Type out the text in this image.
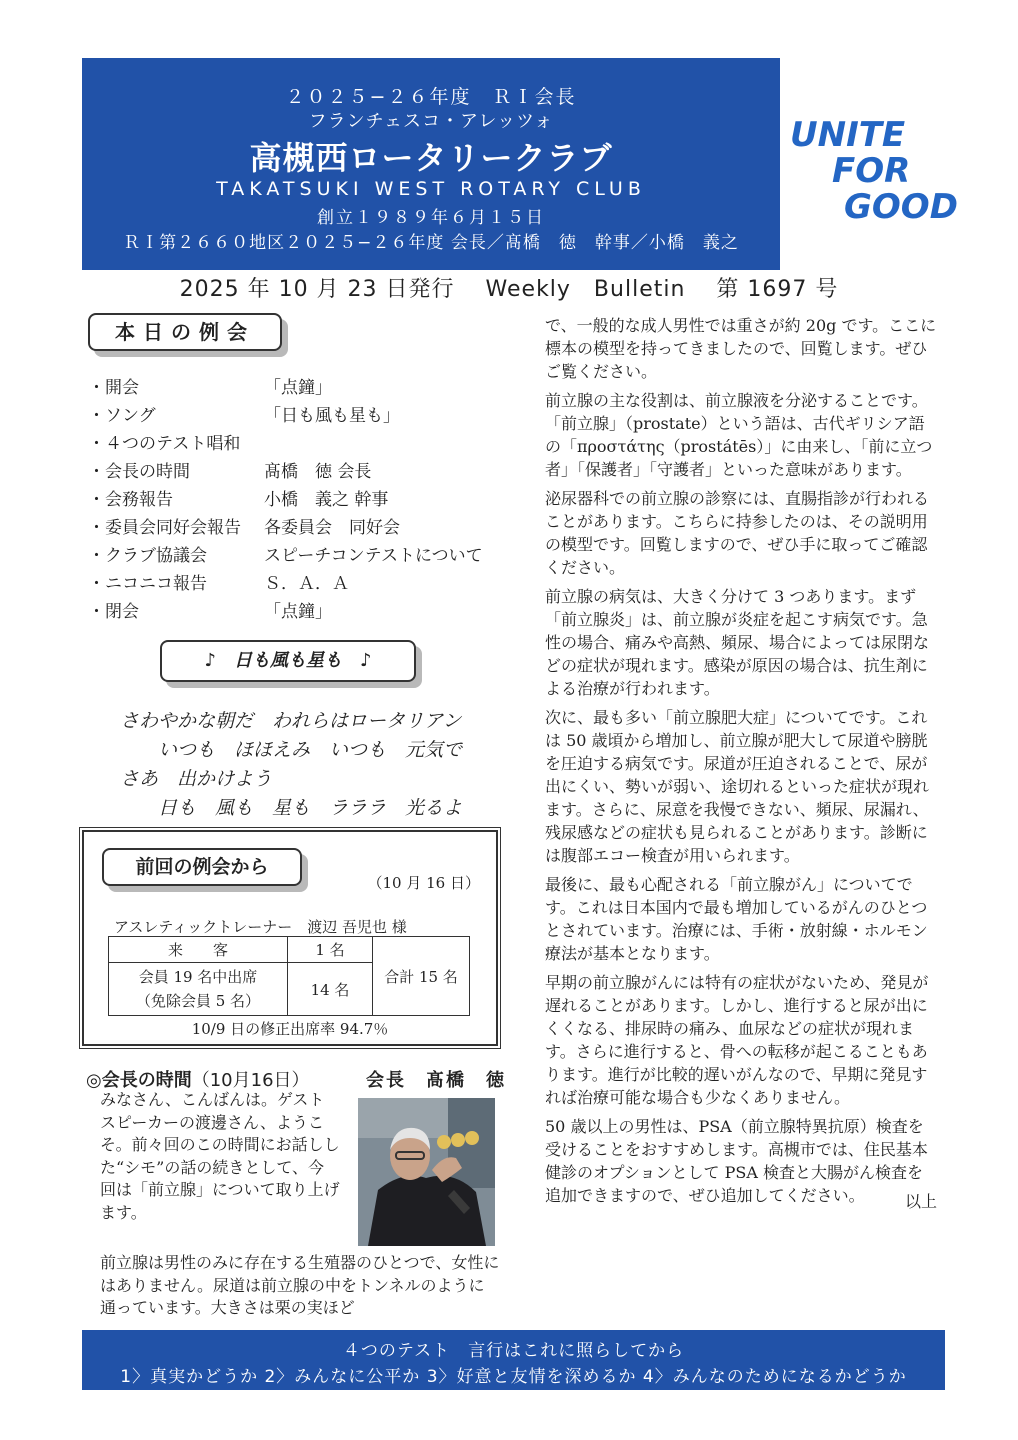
２０２５−２６年度　ＲＩ会長
フランチェスコ・アレッツォ
高槻西ロータリークラブ
TAKATSUKI WEST ROTARY CLUB
創立１９８９年６月１５日
ＲＩ第２６６０地区２０２５−２６年度 会長／髙橋　徳　幹事／小橋　義之
UNITE
FOR
GOOD
2025 年 10 月 23 日発行　 Weekly　Bulletin　 第 1697 号
本日の例会
・開会	「点鐘」
・ソング	「日も風も星も」
・４つのテスト唱和
・会長の時間	髙橋　徳 会長
・会務報告	小橋　義之 幹事
・委員会同好会報告 各委員会　同好会
・クラブ協議会	スピーチコンテストについて
・ニコニコ報告	Ｓ．Ａ．Ａ
・閉会	「点鐘」
♪　日も風も星も　♪
さわやかな朝だ　われらはロータリアン
いつも　ほほえみ　いつも　元気で
さあ　出かけよう
日も　風も　星も　ラララ　光るよ
前回の例会から
（10 月 16 日）
アスレティックトレーナー　渡辺 吾児也 様
来　　客	1 名	合計 15 名

会員 19 名中出席
（免除会員 5 名）	14 名	
10/9 日の修正出席率 94.7％
◎会長の時間（10月16日）	会長　髙橋　徳
みなさん、こんばんは。ゲストスピーカーの渡邊さん、ようこそ。前々回のこの時間にお話しした“シモ”の話の続きとして、今回は「前立腺」について取り上げます。
前立腺は男性のみに存在する生殖器のひとつで、女性にはありません。尿道は前立腺の中をトンネルのように通っています。大きさは栗の実ほど

で、一般的な成人男性では重さが約 20g です。ここに標本の模型を持ってきましたので、回覧します。ぜひご覧ください。

前立腺の主な役割は、前立腺液を分泌することです。「前立腺」（prostate）という語は、古代ギリシア語の「προστάτης（prostátēs）」に由来し、「前に立つ者」「保護者」「守護者」といった意味があります。

泌尿器科での前立腺の診察には、直腸指診が行われることがあります。こちらに持参したのは、その説明用の模型です。回覧しますので、ぜひ手に取ってご確認ください。

前立腺の病気は、大きく分けて 3 つあります。まず「前立腺炎」は、前立腺が炎症を起こす病気です。急性の場合、痛みや高熱、頻尿、場合によっては尿閉などの症状が現れます。感染が原因の場合は、抗生剤による治療が行われます。

次に、最も多い「前立腺肥大症」についてです。これは 50 歳頃から増加し、前立腺が肥大して尿道や膀胱を圧迫する病気です。尿道が圧迫されることで、尿が出にくい、勢いが弱い、途切れるといった症状が現れます。さらに、尿意を我慢できない、頻尿、尿漏れ、残尿感などの症状も見られることがあります。診断には腹部エコー検査が用いられます。

最後に、最も心配される「前立腺がん」についてです。これは日本国内で最も増加しているがんのひとつとされています。治療には、手術・放射線・ホルモン療法が基本となります。

早期の前立腺がんには特有の症状がないため、発見が遅れることがあります。しかし、進行すると尿が出にくくなる、排尿時の痛み、血尿などの症状が現れます。さらに進行すると、骨への転移が起こることもあります。進行が比較的遅いがんなので、早期に発見すれば治療可能な場合も少なくありません。

50 歳以上の男性は、PSA（前立腺特異抗原）検査を受けることをおすすめします。高槻市では、住民基本健診のオプションとして PSA 検査と大腸がん検査を追加できますので、ぜひ追加してください。	以上

４つのテスト　言行はこれに照らしてから
1〉真実かどうか 2〉みんなに公平か 3〉好意と友情を深めるか 4〉みんなのためになるかどうか
